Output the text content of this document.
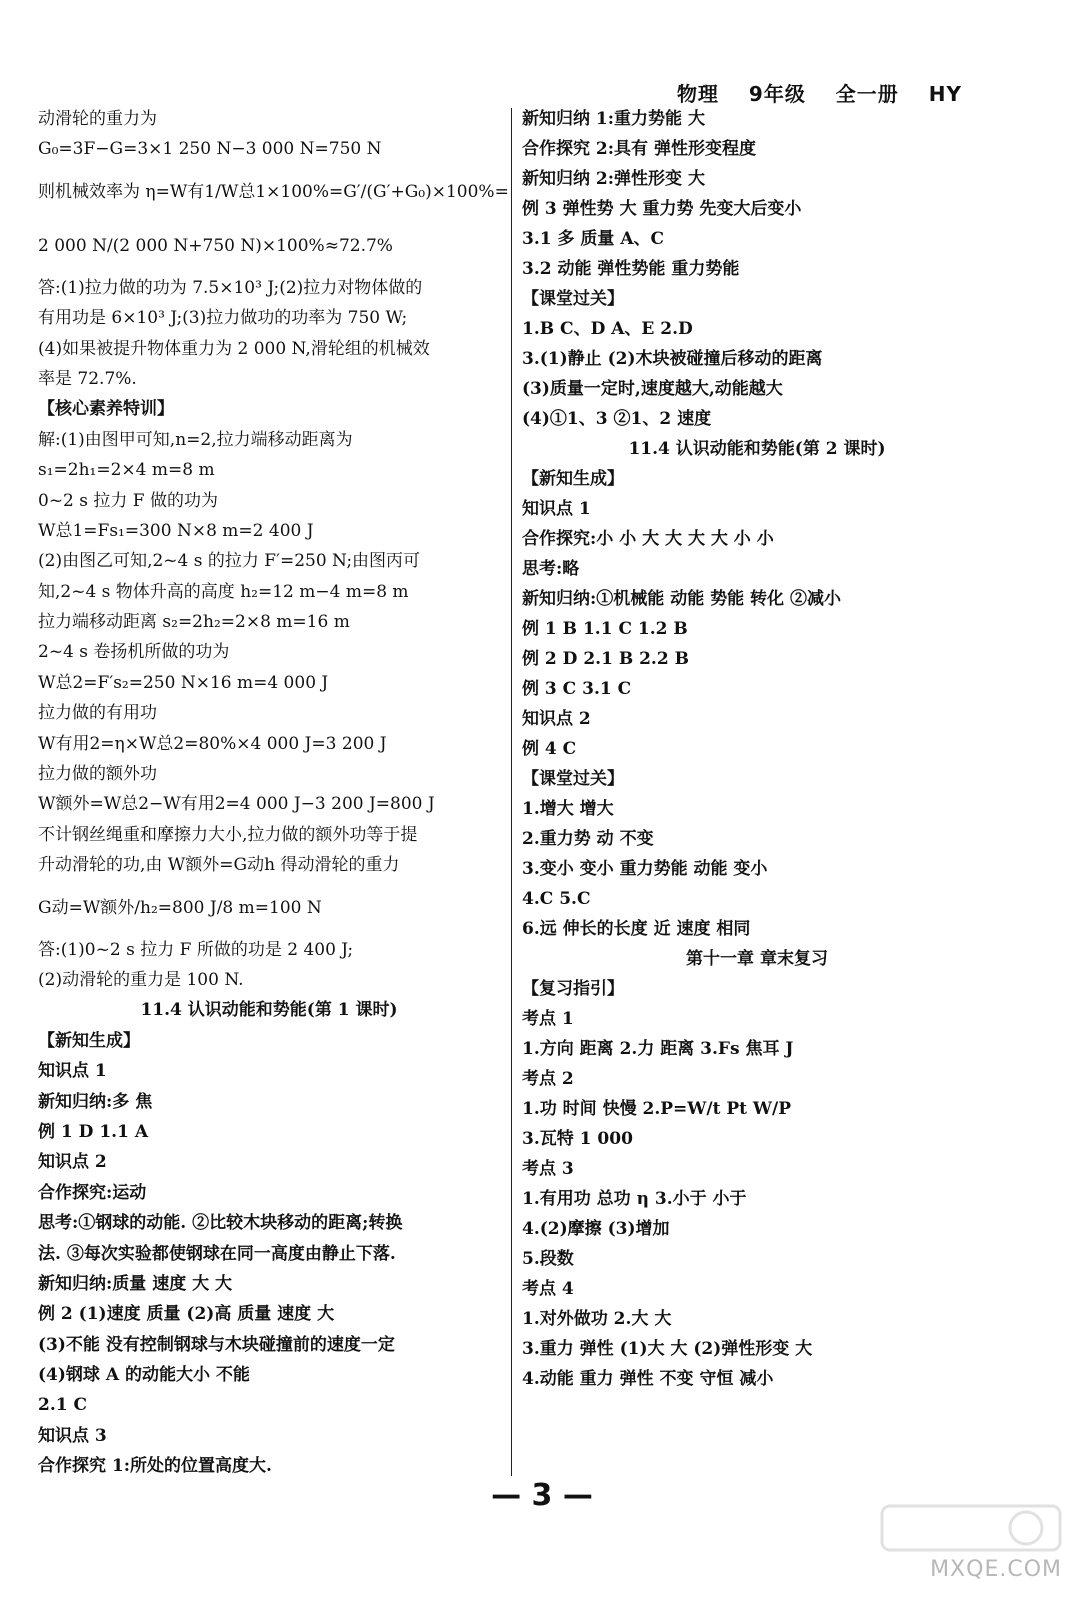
物理 9年级 全一册 HY
动滑轮的重力为
G₀=3F−G=3×1 250 N−3 000 N=750 N
则机械效率为 η=W有1/W总1×100%=G′/(G′+G₀)×100%=
2 000 N/(2 000 N+750 N)×100%≈72.7%
答:(1)拉力做的功为 7.5×10³ J;(2)拉力对物体做的
有用功是 6×10³ J;(3)拉力做功的功率为 750 W;
(4)如果被提升物体重力为 2 000 N,滑轮组的机械效
率是 72.7%.
【核心素养特训】
解:(1)由图甲可知,n=2,拉力端移动距离为
s₁=2h₁=2×4 m=8 m
0~2 s 拉力 F 做的功为
W总1=Fs₁=300 N×8 m=2 400 J
(2)由图乙可知,2~4 s 的拉力 F′=250 N;由图丙可
知,2~4 s 物体升高的高度 h₂=12 m−4 m=8 m
拉力端移动距离 s₂=2h₂=2×8 m=16 m
2~4 s 卷扬机所做的功为
W总2=F′s₂=250 N×16 m=4 000 J
拉力做的有用功
W有用2=η×W总2=80%×4 000 J=3 200 J
拉力做的额外功
W额外=W总2−W有用2=4 000 J−3 200 J=800 J
不计钢丝绳重和摩擦力大小,拉力做的额外功等于提
升动滑轮的功,由 W额外=G动h 得动滑轮的重力
G动=W额外/h₂=800 J/8 m=100 N
答:(1)0~2 s 拉力 F 所做的功是 2 400 J;
(2)动滑轮的重力是 100 N.
11.4 认识动能和势能(第 1 课时)
【新知生成】
知识点 1
新知归纳:多 焦
例 1 D 1.1 A
知识点 2
合作探究:运动
思考:①钢球的动能. ②比较木块移动的距离;转换
法. ③每次实验都使钢球在同一高度由静止下落.
新知归纳:质量 速度 大 大
例 2 (1)速度 质量 (2)高 质量 速度 大
(3)不能 没有控制钢球与木块碰撞前的速度一定
(4)钢球 A 的动能大小 不能
2.1 C
知识点 3
合作探究 1:所处的位置高度大.
新知归纳 1:重力势能 大
合作探究 2:具有 弹性形变程度
新知归纳 2:弹性形变 大
例 3 弹性势 大 重力势 先变大后变小
3.1 多 质量 A、C
3.2 动能 弹性势能 重力势能
【课堂过关】
1.B C、D A、E 2.D
3.(1)静止 (2)木块被碰撞后移动的距离
(3)质量一定时,速度越大,动能越大
(4)①1、3 ②1、2 速度
11.4 认识动能和势能(第 2 课时)
【新知生成】
知识点 1
合作探究:小 小 大 大 大 大 小 小
思考:略
新知归纳:①机械能 动能 势能 转化 ②减小
例 1 B 1.1 C 1.2 B
例 2 D 2.1 B 2.2 B
例 3 C 3.1 C
知识点 2
例 4 C
【课堂过关】
1.增大 增大
2.重力势 动 不变
3.变小 变小 重力势能 动能 变小
4.C 5.C
6.远 伸长的长度 近 速度 相同
第十一章 章末复习
【复习指引】
考点 1
1.方向 距离 2.力 距离 3.Fs 焦耳 J
考点 2
1.功 时间 快慢 2.P=W/t Pt W/P
3.瓦特 1 000
考点 3
1.有用功 总功 η 3.小于 小于
4.(2)摩擦 (3)增加
5.段数
考点 4
1.对外做功 2.大 大
3.重力 弹性 (1)大 大 (2)弹性形变 大
4.动能 重力 弹性 不变 守恒 减小
— 3 —
MXQE.COM
